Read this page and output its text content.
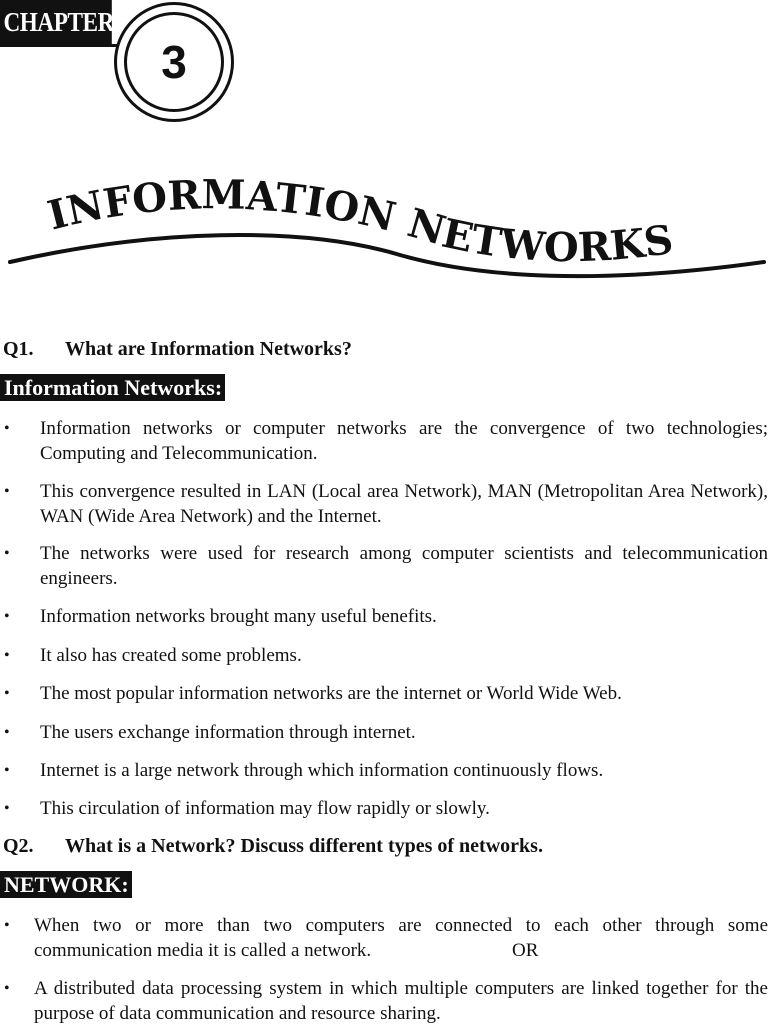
CHAPTER
3
INFORMATION NETWORKS
Q1.	What are Information Networks?
Information Networks:
• Information networks or computer networks are the convergence of two technologies; Computing and Telecommunication.
• This convergence resulted in LAN (Local area Network), MAN (Metropolitan Area Network), WAN (Wide Area Network) and the Internet.
• The networks were used for research among computer scientists and telecommunication engineers.
• Information networks brought many useful benefits.
• It also has created some problems.
• The most popular information networks are the internet or World Wide Web.
• The users exchange information through internet.
• Internet is a large network through which information continuously flows.
• This circulation of information may flow rapidly or slowly.
Q2.	What is a Network? Discuss different types of networks.
NETWORK:
• When two or more than two computers are connected to each other through some communication media it is called a network.
• A distributed data processing system in which multiple computers are linked together for the purpose of data communication and resource sharing.
OR
